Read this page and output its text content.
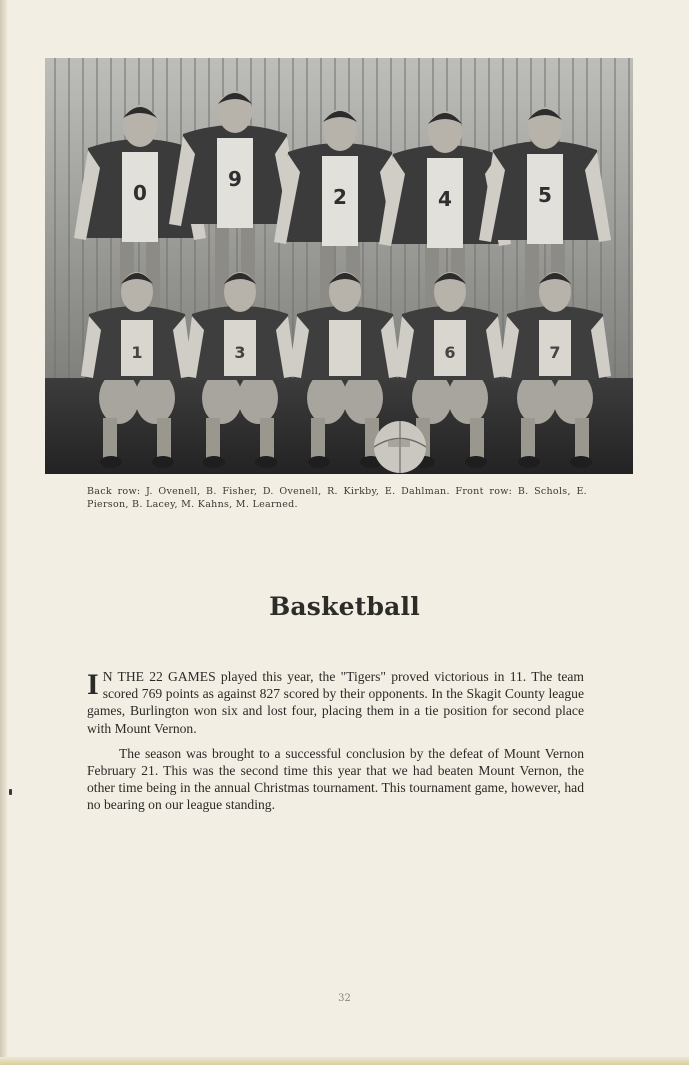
0
9
2	4	5
1	3	6	7
Back row: J. Ovenell, B. Fisher, D. Ovenell, R. Kirkby, E. Dahlman. Front row: B. Schols, E. Pierson, B. Lacey, M. Kahns, M. Learned.
Basketball

I N THE 22 GAMES played this year, the "Tigers" proved victorious in 11. The team scored 769 points as against 827 scored by their opponents. In the Skagit County league games, Burlington won six and lost four, placing them in a tie position for second place with Mount Vernon.

The season was brought to a successful conclusion by the defeat of Mount Vernon February 21. This was the second time this year that we had beaten Mount Vernon, the other time being in the annual Christmas tournament. This tournament game, however, had no bearing on our league standing.

32
